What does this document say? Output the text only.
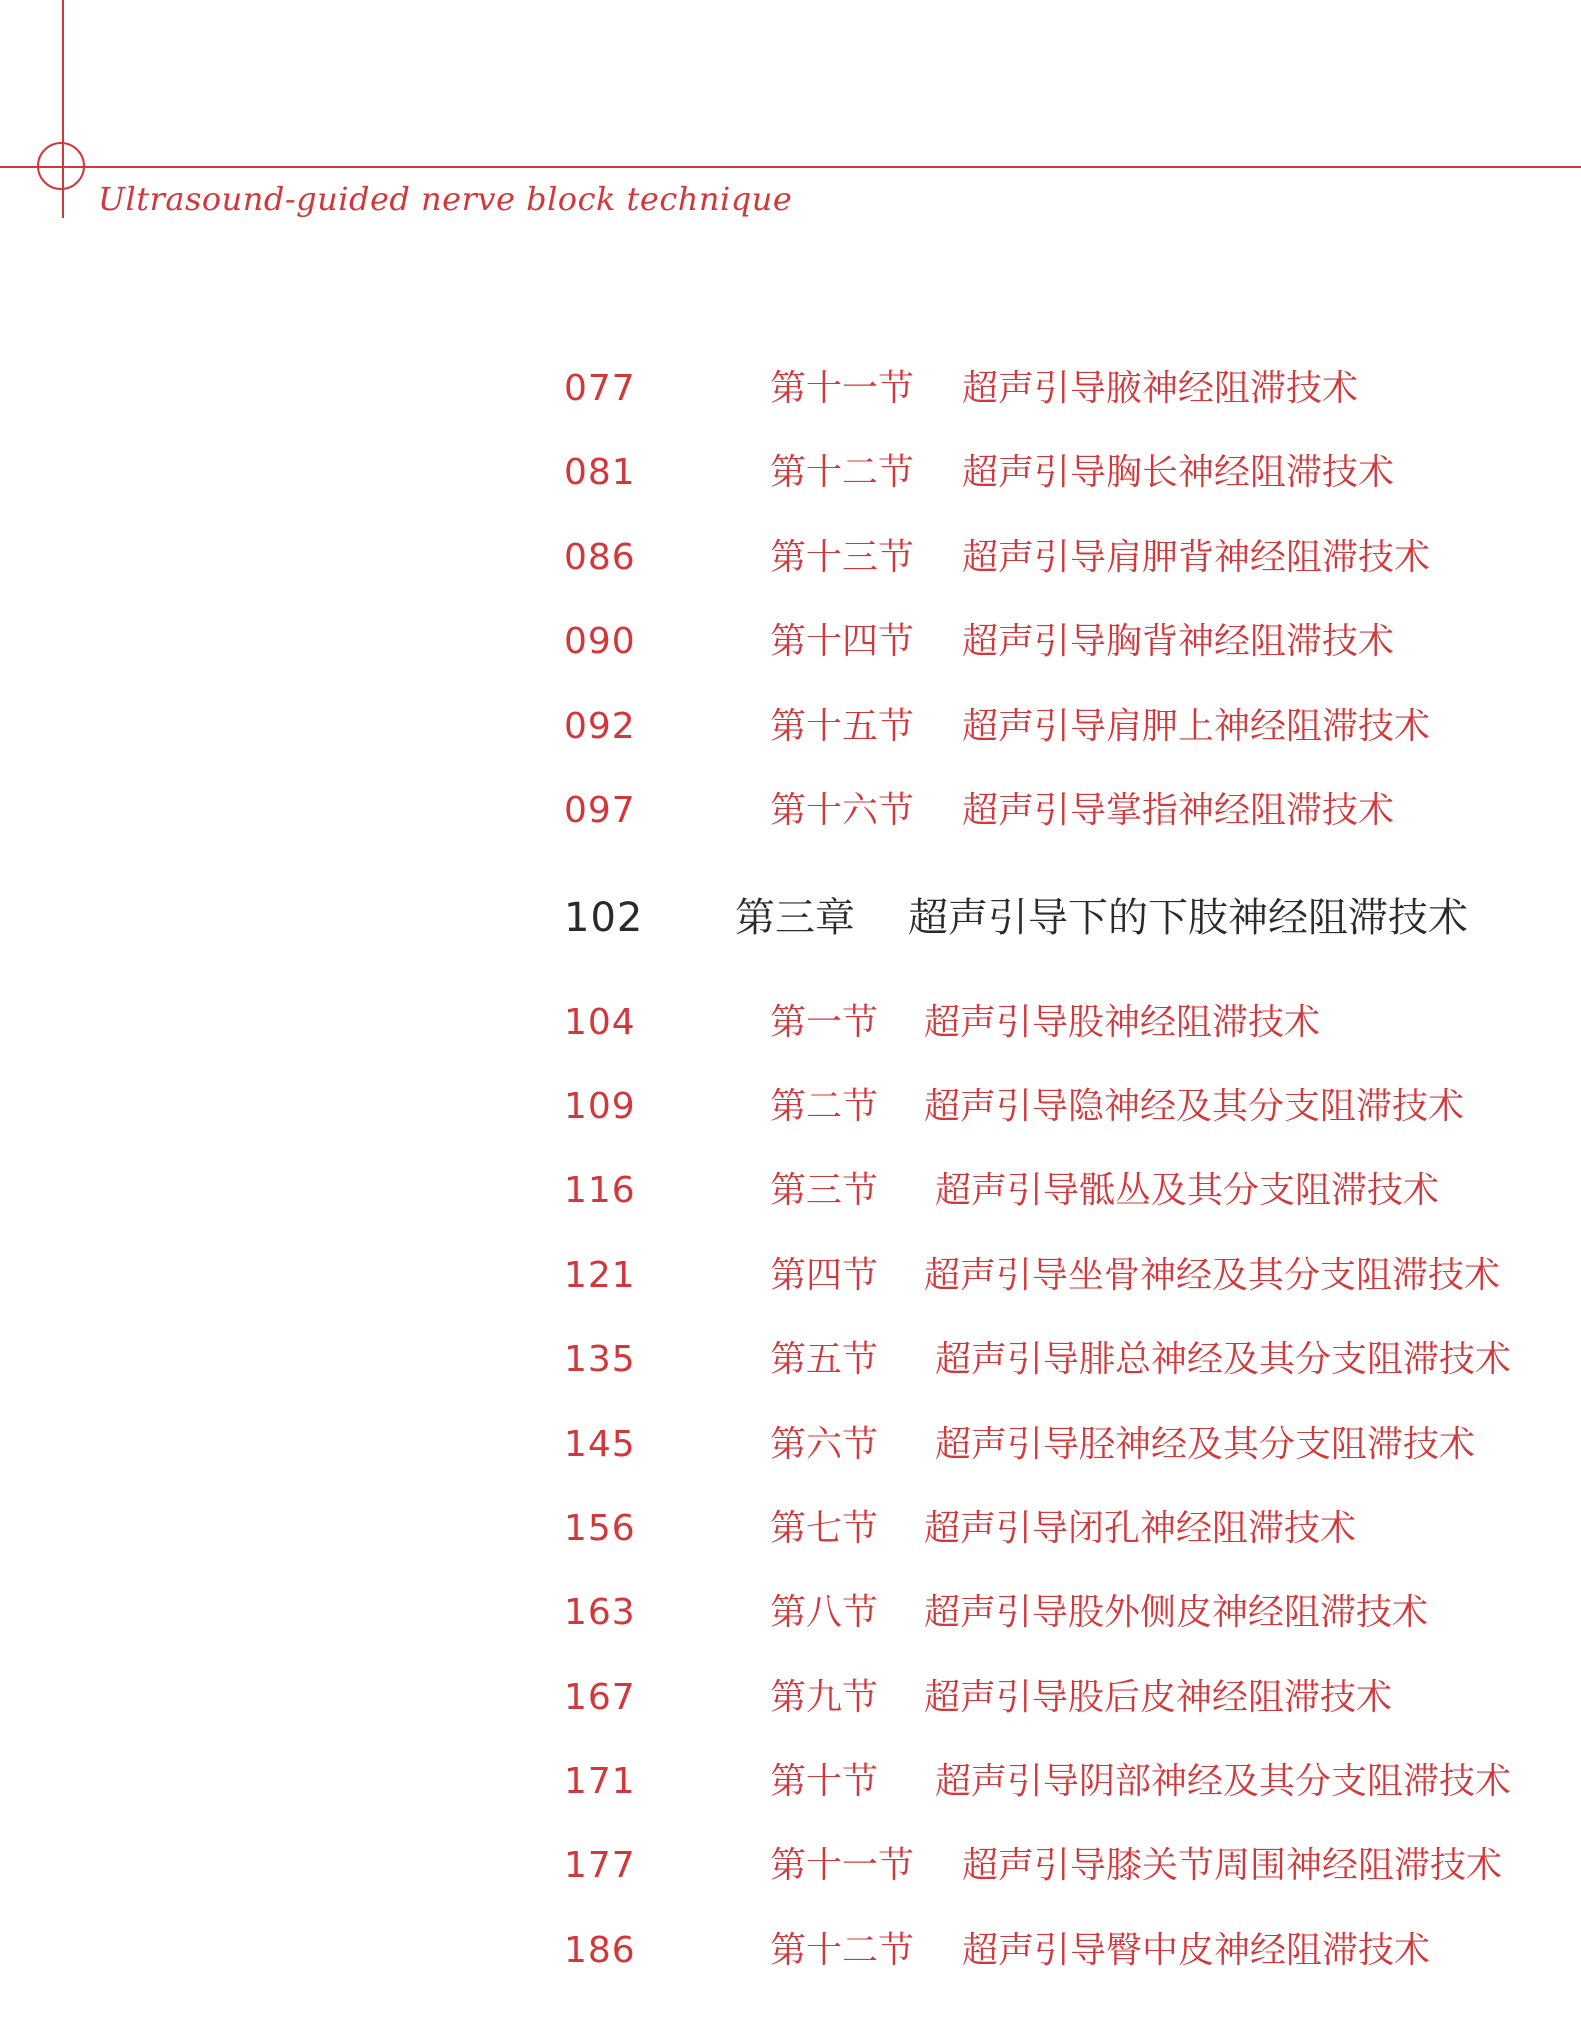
Ultrasound-guided nerve block technique
077	第十一节 超声引导腋神经阻滞技术
081	第十二节 超声引导胸长神经阻滞技术
086	第十三节 超声引导肩胛背神经阻滞技术
090	第十四节 超声引导胸背神经阻滞技术
092	第十五节 超声引导肩胛上神经阻滞技术
097	第十六节 超声引导掌指神经阻滞技术
102 第三章 超声引导下的下肢神经阻滞技术
104	第一节 超声引导股神经阻滞技术
109	第二节 超声引导隐神经及其分支阻滞技术
116	第三节 超声引导骶丛及其分支阻滞技术
121	第四节 超声引导坐骨神经及其分支阻滞技术
135	第五节 超声引导腓总神经及其分支阻滞技术
145	第六节 超声引导胫神经及其分支阻滞技术
156	第七节 超声引导闭孔神经阻滞技术
163	第八节 超声引导股外侧皮神经阻滞技术
167	第九节 超声引导股后皮神经阻滞技术
171	第十节 超声引导阴部神经及其分支阻滞技术
177	第十一节 超声引导膝关节周围神经阻滞技术
186	第十二节 超声引导臀中皮神经阻滞技术
